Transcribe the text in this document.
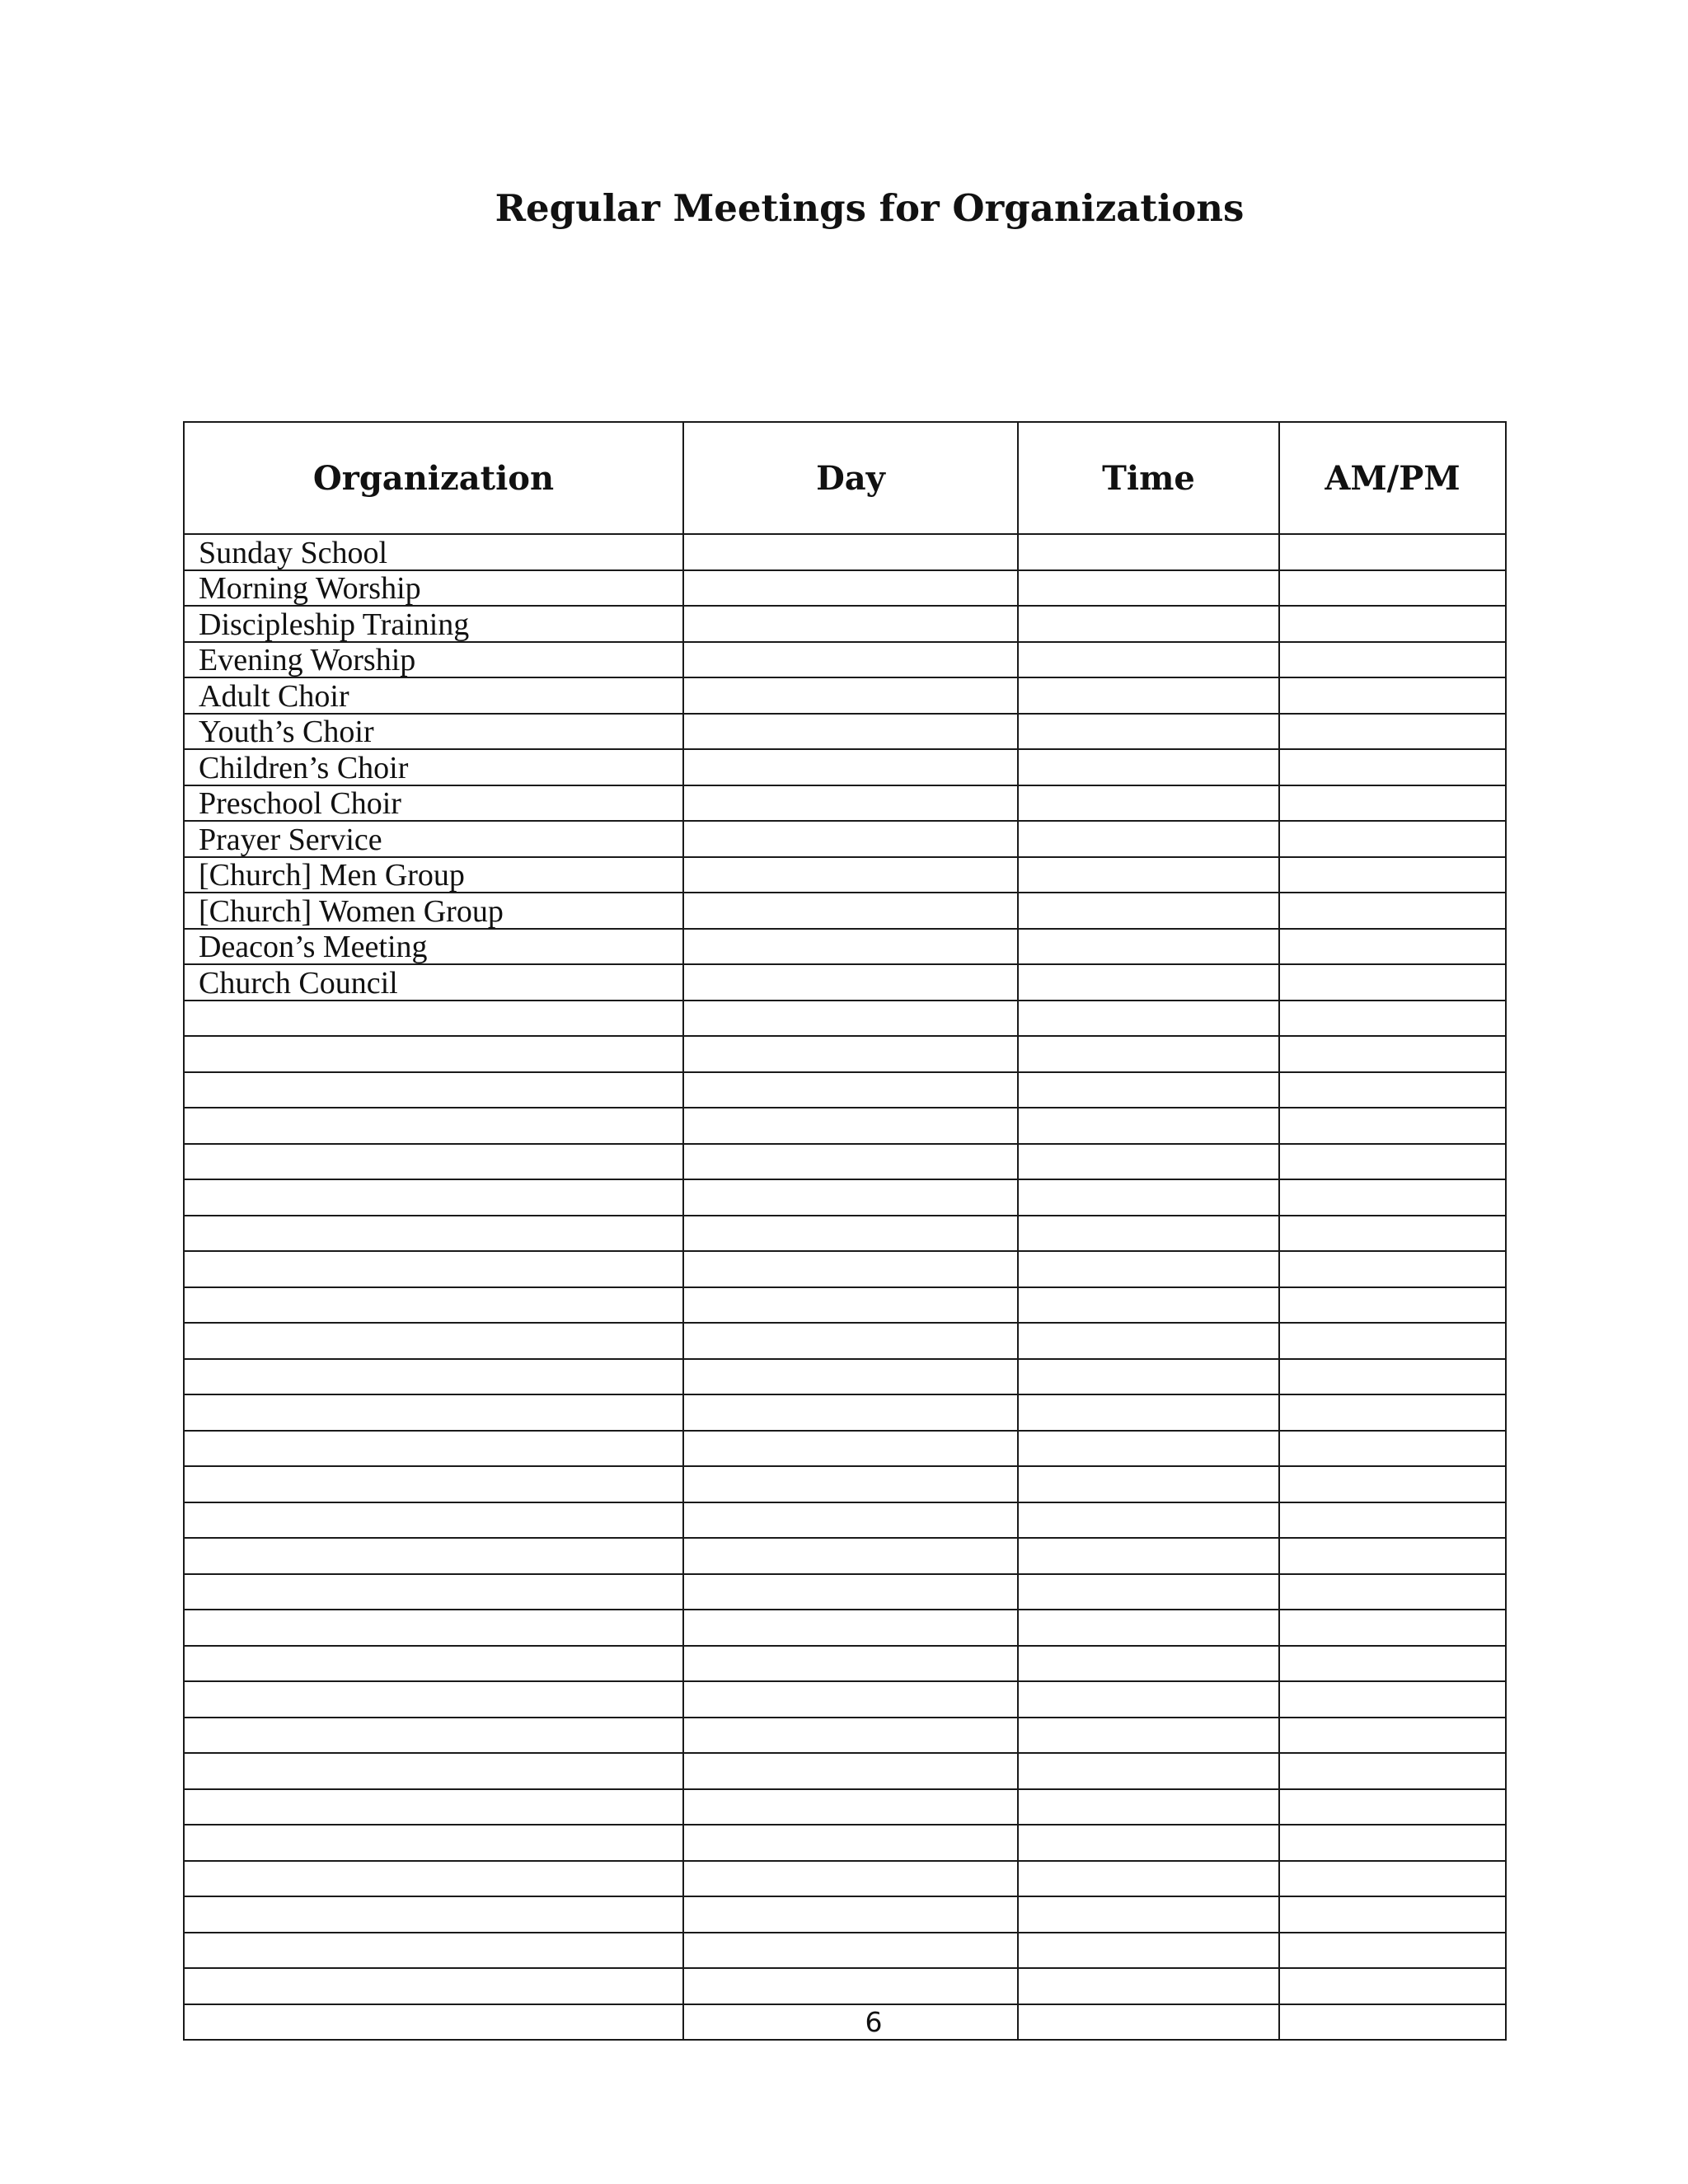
Regular Meetings for Organizations
Organization	Day	Time	AM/PM
Sunday School			
Morning Worship			
Discipleship Training			
Evening Worship			
Adult Choir			
Youth’s Choir			
Children’s Choir			
Preschool Choir			
Prayer Service			
[Church] Men Group			
[Church] Women Group			
Deacon’s Meeting			
Church Council			

6
